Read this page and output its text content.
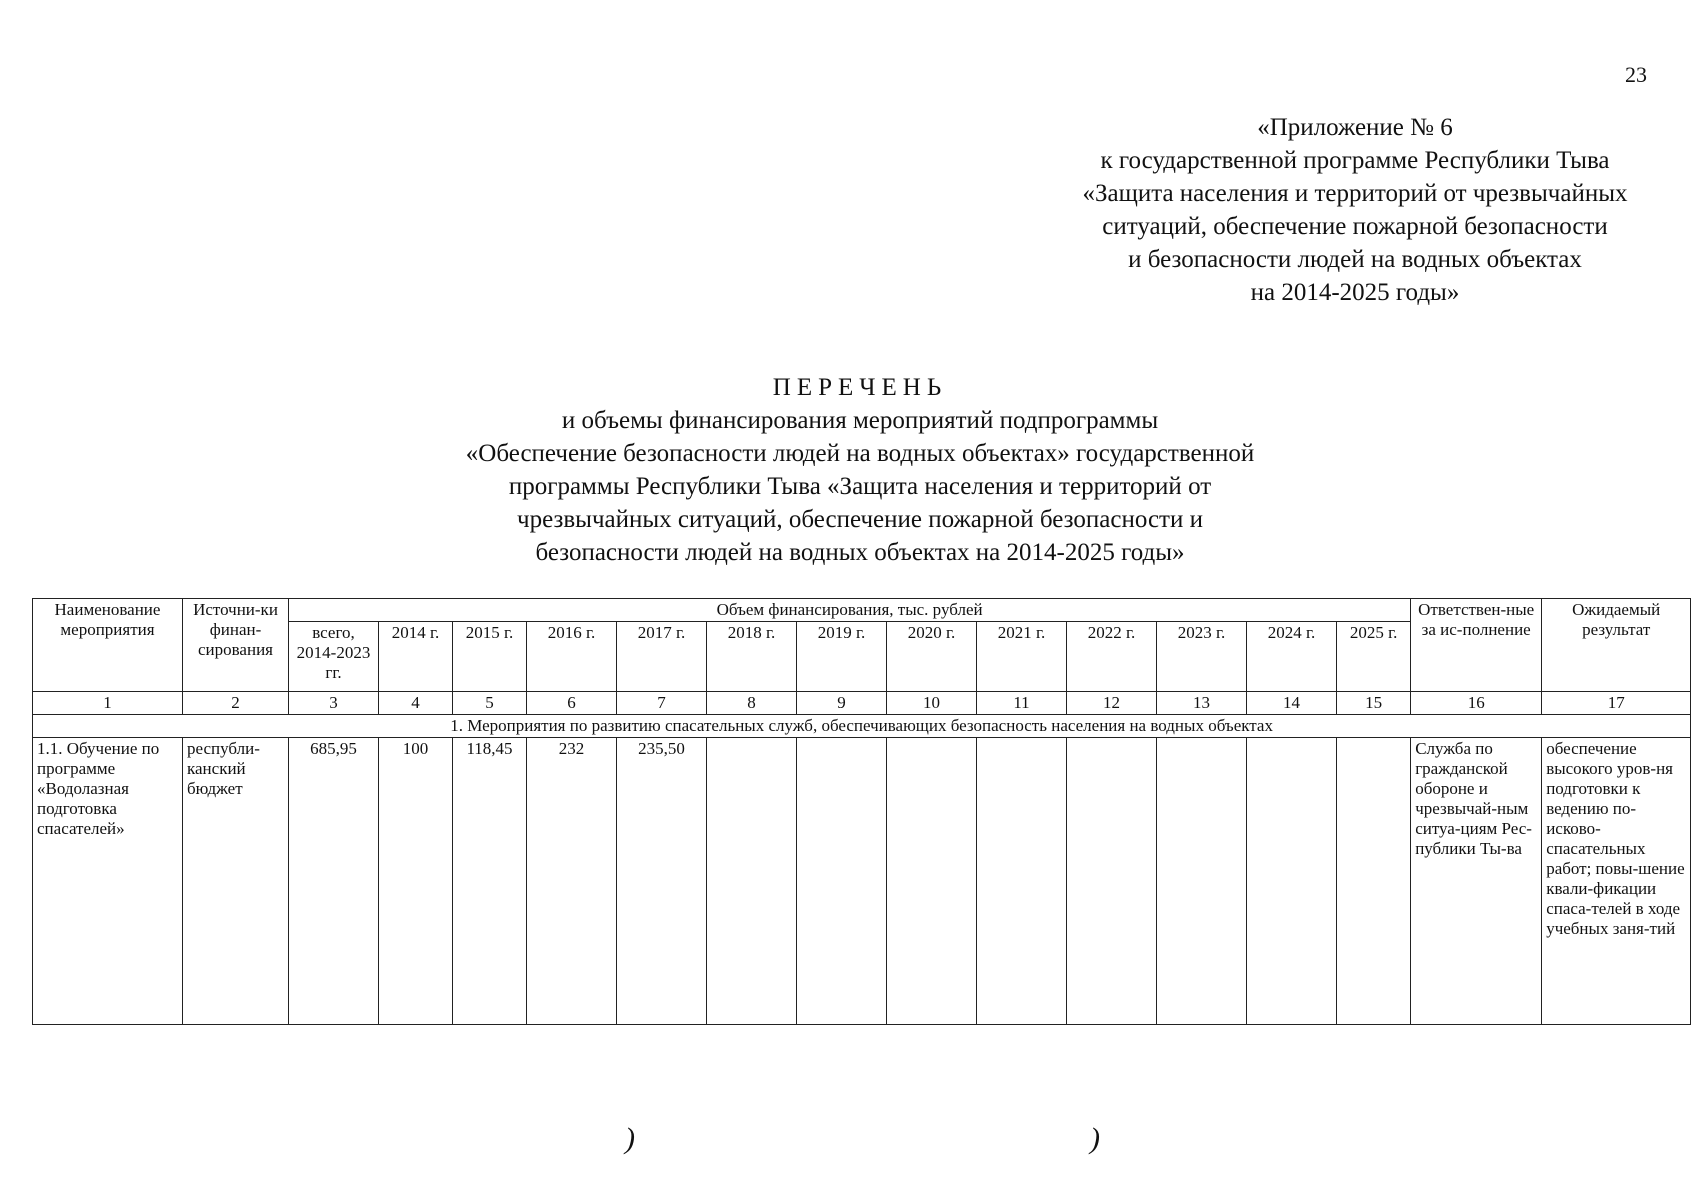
23
«Приложение № 6
к государственной программе Республики Тыва
«Защита населения и территорий от чрезвычайных
ситуаций, обеспечение пожарной безопасности
и безопасности людей на водных объектах
на 2014-2025 годы»
ПЕРЕЧЕНЬ
и объемы финансирования мероприятий подпрограммы
«Обеспечение безопасности людей на водных объектах» государственной
программы Республики Тыва «Защита населения и территорий от
чрезвычайных ситуаций, обеспечение пожарной безопасности и
безопасности людей на водных объектах на 2014-2025 годы»
Наименование мероприятия	Источни-ки финан-сирования	Объем финансирования, тыс. рублей													Ответствен-ные за ис-полнение	Ожидаемый результат
		всего, 2014-2023 гг.	2014 г.	2015 г.	2016 г.	2017 г.	2018 г.	2019 г.	2020 г.	2021 г.	2022 г.	2023 г.	2024 г.	2025 г.		
1	2	3	4	5	6	7	8	9	10	11	12	13	14	15	16	17
1. Мероприятия по развитию спасательных служб, обеспечивающих безопасность населения на водных объектах																
1.1. Обучение по программе «Водолазная подготовка спасателей»	республи-канский бюджет	685,95	100	118,45	232	235,50									Служба по гражданской обороне и чрезвычай-ным ситуа-циям Рес-публики Ты-ва	обеспечение высокого уров-ня подготовки к ведению по-исково-спасательных работ; повы-шение квали-фикации спаса-телей в ходе учебных заня-тий
)	)
